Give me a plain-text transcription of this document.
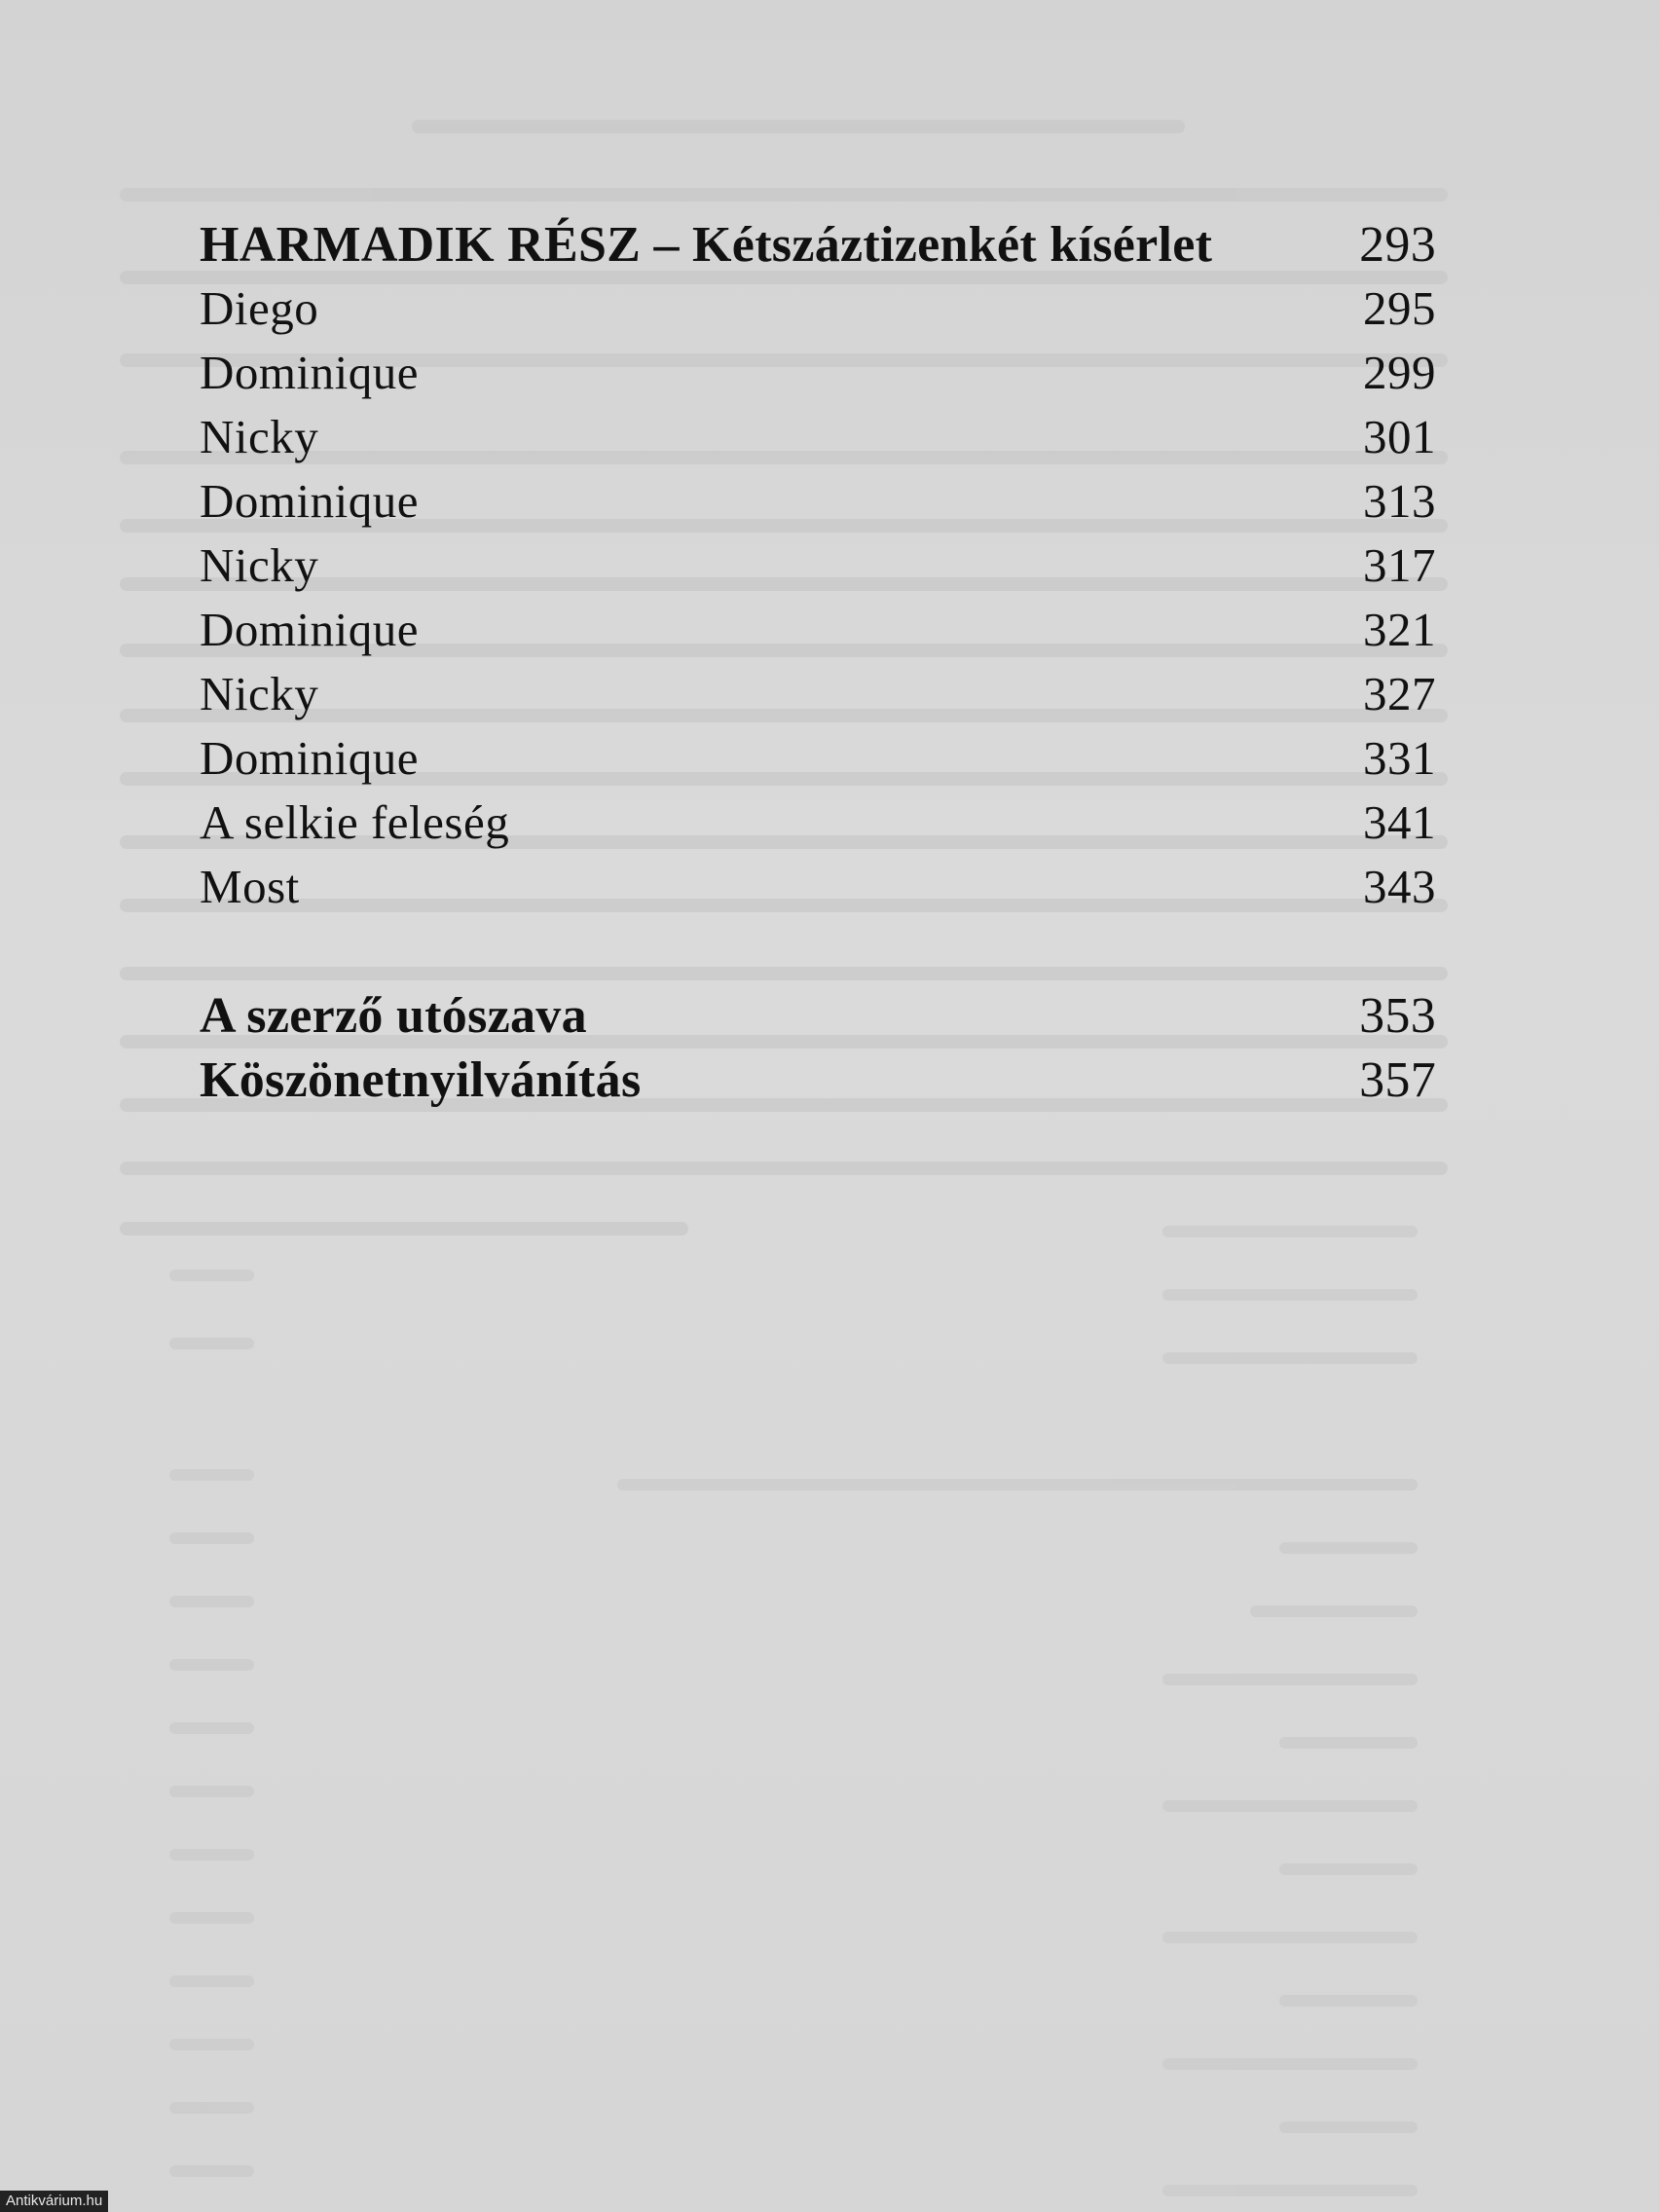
HARMADIK RÉSZ – Kétszáztizenkét kísérlet	293
Diego	295
Dominique	299
Nicky	301
Dominique	313
Nicky	317
Dominique	321
Nicky	327
Dominique	331
A selkie feleség	341
Most	343
A szerző utószava	353
Köszönetnyilvánítás	357
Antikvárium.hu
